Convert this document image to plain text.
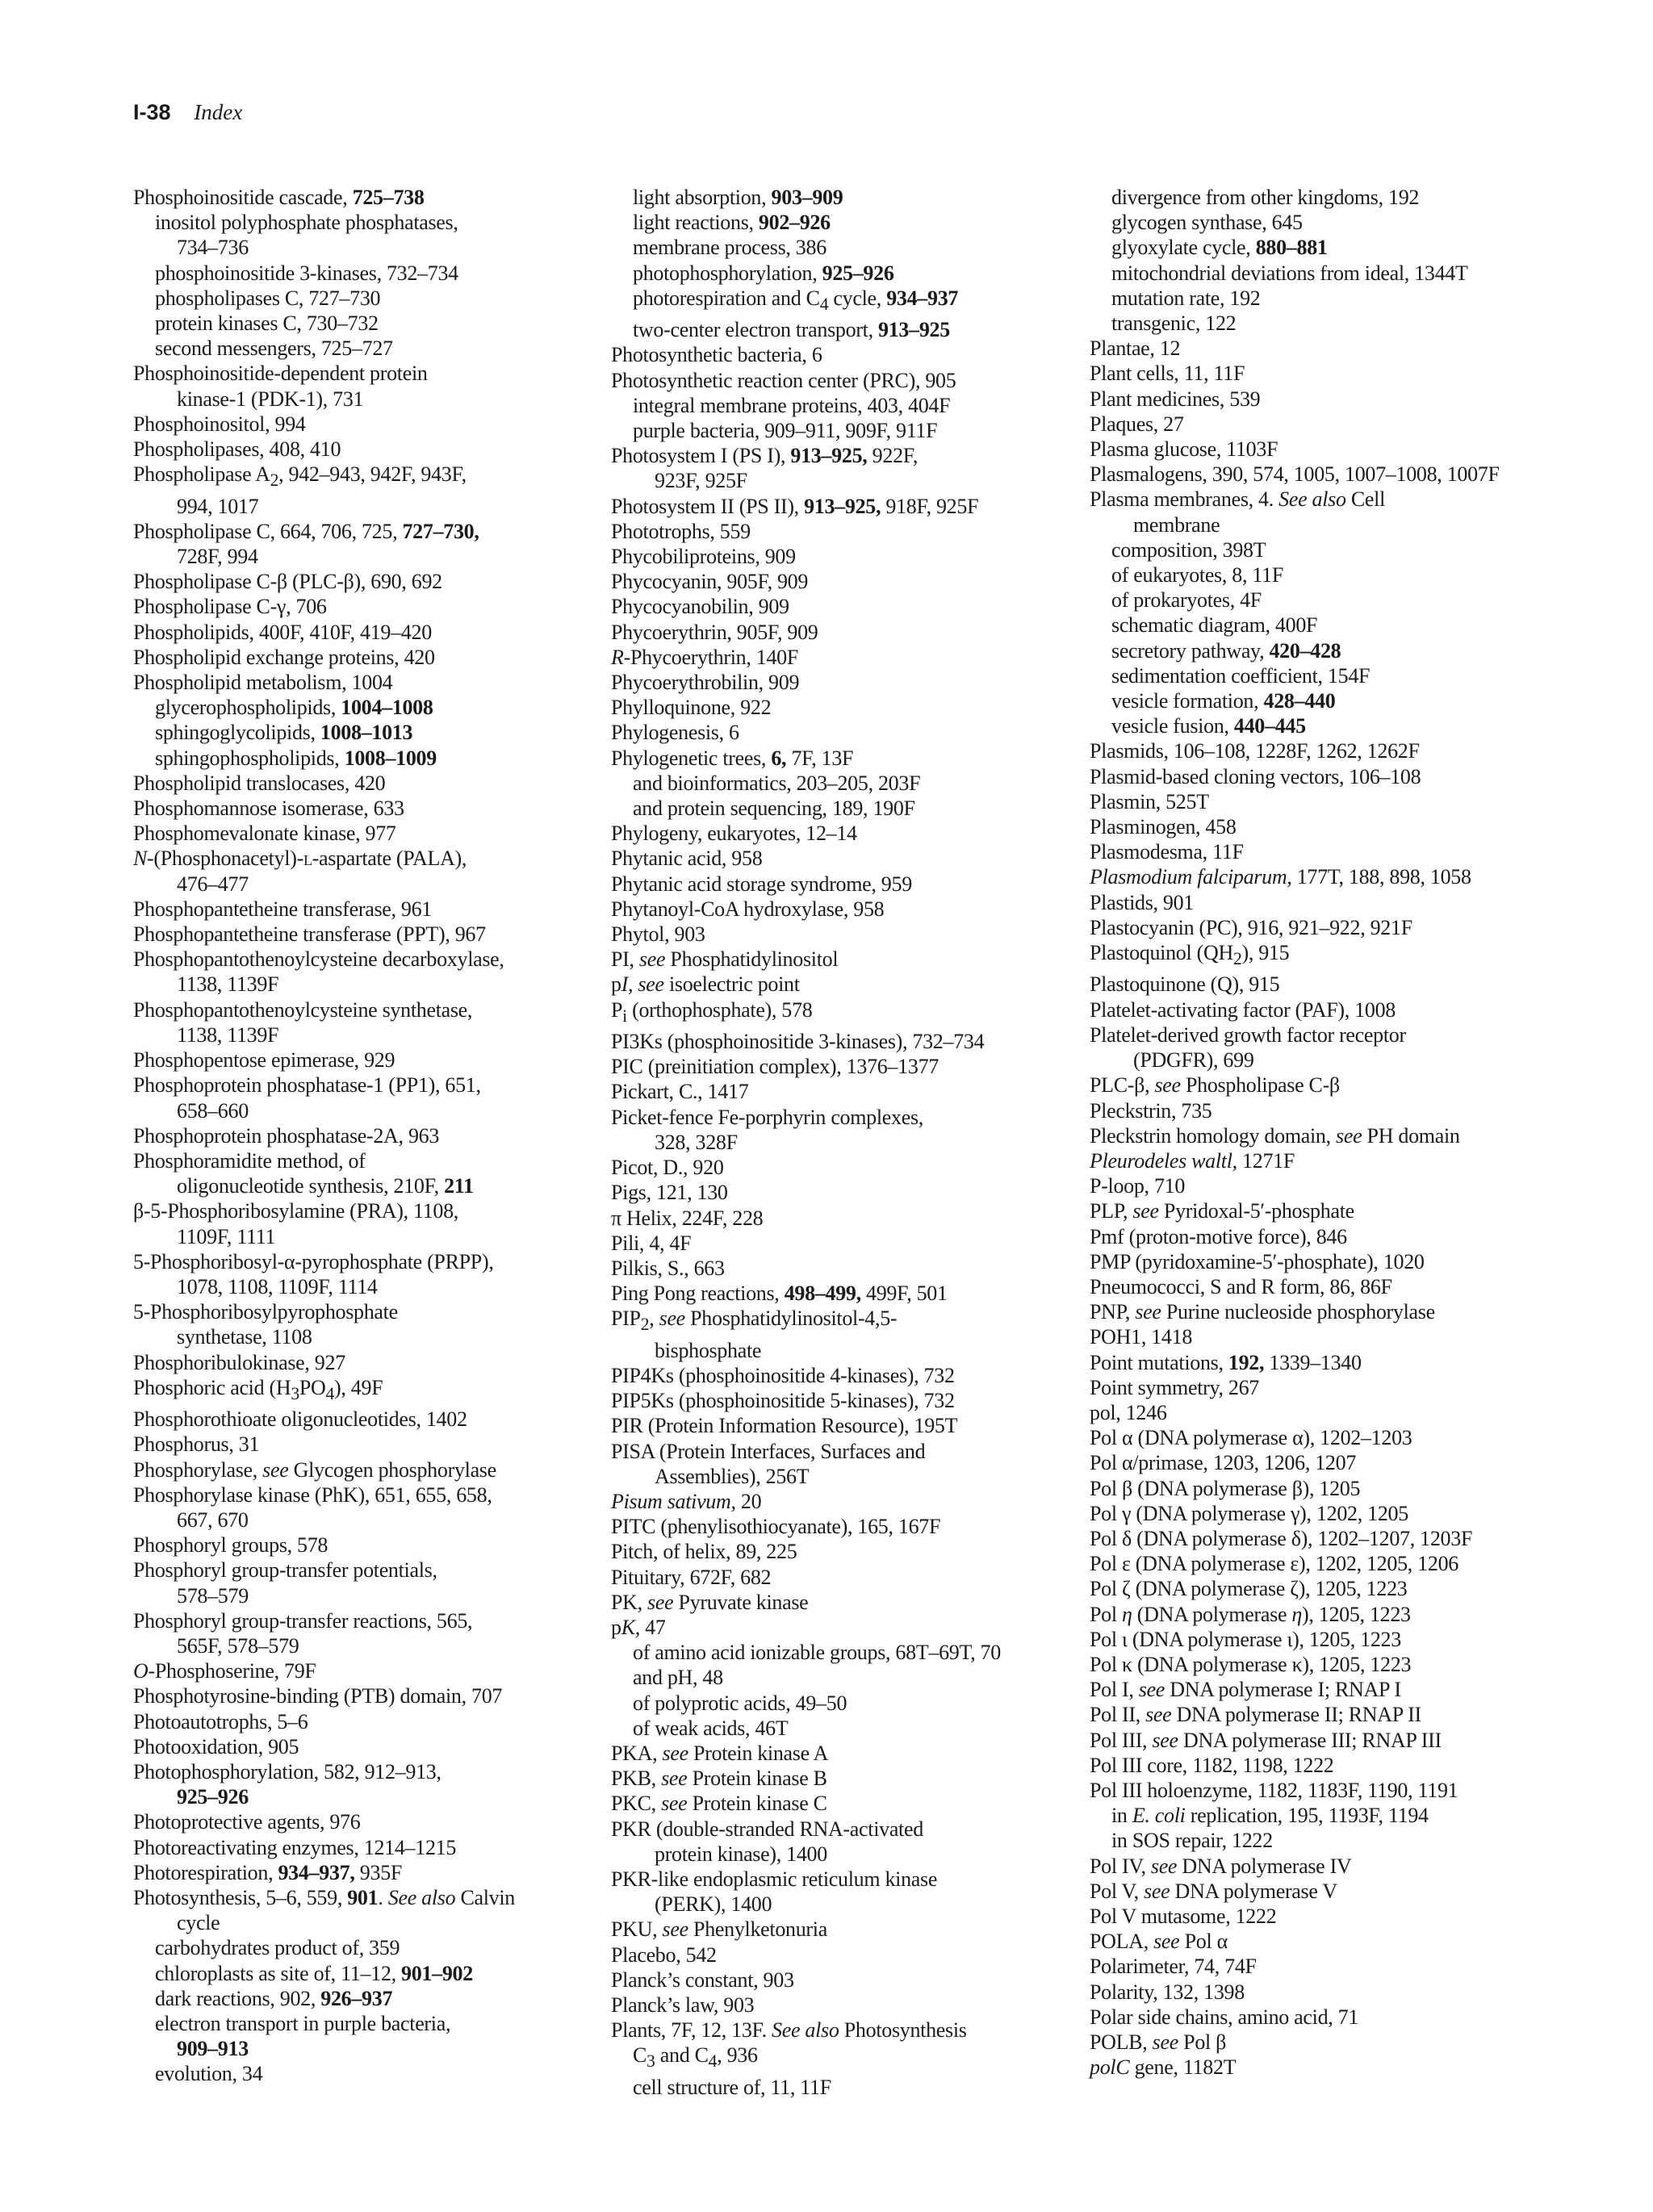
I-38 Index
Phosphoinositide cascade, 725–738
inositol polyphosphate phosphatases,
734–736
phosphoinositide 3-kinases, 732–734
phospholipases C, 727–730
protein kinases C, 730–732
second messengers, 725–727
Phosphoinositide-dependent protein
kinase-1 (PDK-1), 731
Phosphoinositol, 994
Phospholipases, 408, 410
Phospholipase $A_2$, 942–943, 942F, 943F,
994, 1017
Phospholipase C, 664, 706, 725, 727–730,
728F, 994
Phospholipase C-β (PLC-β), 690, 692
Phospholipase C-γ, 706
Phospholipids, 400F, 410F, 419–420
Phospholipid exchange proteins, 420
Phospholipid metabolism, 1004
glycerophospholipids, 1004–1008
sphingoglycolipids, 1008–1013
sphingophospholipids, 1008–1009
Phospholipid translocases, 420
Phosphomannose isomerase, 633
Phosphomevalonate kinase, 977
N-(Phosphonacetyl)-l-aspartate (PALA),
476–477
Phosphopantetheine transferase, 961
Phosphopantetheine transferase (PPT), 967
Phosphopantothenoylcysteine decarboxylase,
1138, 1139F
Phosphopantothenoylcysteine synthetase,
1138, 1139F
Phosphopentose epimerase, 929
Phosphoprotein phosphatase-1 (PP1), 651,
658–660
Phosphoprotein phosphatase-2A, 963
Phosphoramidite method, of
oligonucleotide synthesis, 210F, 211
β-5-Phosphoribosylamine (PRA), 1108,
1109F, 1111
5-Phosphoribosyl-α-pyrophosphate (PRPP),
1078, 1108, 1109F, 1114
5-Phosphoribosylpyrophosphate
synthetase, 1108
Phosphoribulokinase, 927
Phosphoric acid $(H_3PO_4)$, 49F
Phosphorothioate oligonucleotides, 1402
Phosphorus, 31
Phosphorylase, see Glycogen phosphorylase
Phosphorylase kinase (PhK), 651, 655, 658,
667, 670
Phosphoryl groups, 578
Phosphoryl group-transfer potentials,
578–579
Phosphoryl group-transfer reactions, 565,
565F, 578–579
O-Phosphoserine, 79F
Phosphotyrosine-binding (PTB) domain, 707
Photoautotrophs, 5–6
Photooxidation, 905
Photophosphorylation, 582, 912–913,
925–926
Photoprotective agents, 976
Photoreactivating enzymes, 1214–1215
Photorespiration, 934–937, 935F
Photosynthesis, 5–6, 559, 901. See also Calvin
cycle
carbohydrates product of, 359
chloroplasts as site of, 11–12, 901–902
dark reactions, 902, 926–937
electron transport in purple bacteria,
909–913
evolution, 34
light absorption, 903–909
light reactions, 902–926
membrane process, 386
photophosphorylation, 925–926
photorespiration and $C_4$ cycle, 934–937
two-center electron transport, 913–925
Photosynthetic bacteria, 6
Photosynthetic reaction center (PRC), 905
integral membrane proteins, 403, 404F
purple bacteria, 909–911, 909F, 911F
Photosystem I (PS I), 913–925, 922F,
923F, 925F
Photosystem II (PS II), 913–925, 918F, 925F
Phototrophs, 559
Phycobiliproteins, 909
Phycocyanin, 905F, 909
Phycocyanobilin, 909
Phycoerythrin, 905F, 909
R-Phycoerythrin, 140F
Phycoerythrobilin, 909
Phylloquinone, 922
Phylogenesis, 6
Phylogenetic trees, 6, 7F, 13F
and bioinformatics, 203–205, 203F
and protein sequencing, 189, 190F
Phylogeny, eukaryotes, 12–14
Phytanic acid, 958
Phytanic acid storage syndrome, 959
Phytanoyl-CoA hydroxylase, 958
Phytol, 903
PI, see Phosphatidylinositol
pI, see isoelectric point
$P_i$ (orthophosphate), 578
PI3Ks (phosphoinositide 3-kinases), 732–734
PIC (preinitiation complex), 1376–1377
Pickart, C., 1417
Picket-fence Fe-porphyrin complexes,
328, 328F
Picot, D., 920
Pigs, 121, 130
π Helix, 224F, 228
Pili, 4, 4F
Pilkis, S., 663
Ping Pong reactions, 498–499, 499F, 501
$PIP_2$, see Phosphatidylinositol-4,5-
bisphosphate
PIP4Ks (phosphoinositide 4-kinases), 732
PIP5Ks (phosphoinositide 5-kinases), 732
PIR (Protein Information Resource), 195T
PISA (Protein Interfaces, Surfaces and
Assemblies), 256T
Pisum sativum, 20
PITC (phenylisothiocyanate), 165, 167F
Pitch, of helix, 89, 225
Pituitary, 672F, 682
PK, see Pyruvate kinase
pK, 47
of amino acid ionizable groups, 68T–69T, 70
and pH, 48
of polyprotic acids, 49–50
of weak acids, 46T
PKA, see Protein kinase A
PKB, see Protein kinase B
PKC, see Protein kinase C
PKR (double-stranded RNA-activated
protein kinase), 1400
PKR-like endoplasmic reticulum kinase
(PERK), 1400
PKU, see Phenylketonuria
Placebo, 542
Planck’s constant, 903
Planck’s law, 903
Plants, 7F, 12, 13F. See also Photosynthesis
$C_3$ and $C_4$, 936
cell structure of, 11, 11F
divergence from other kingdoms, 192
glycogen synthase, 645
glyoxylate cycle, 880–881
mitochondrial deviations from ideal, 1344T
mutation rate, 192
transgenic, 122
Plantae, 12
Plant cells, 11, 11F
Plant medicines, 539
Plaques, 27
Plasma glucose, 1103F
Plasmalogens, 390, 574, 1005, 1007–1008, 1007F
Plasma membranes, 4. See also Cell
membrane
composition, 398T
of eukaryotes, 8, 11F
of prokaryotes, 4F
schematic diagram, 400F
secretory pathway, 420–428
sedimentation coefficient, 154F
vesicle formation, 428–440
vesicle fusion, 440–445
Plasmids, 106–108, 1228F, 1262, 1262F
Plasmid-based cloning vectors, 106–108
Plasmin, 525T
Plasminogen, 458
Plasmodesma, 11F
Plasmodium falciparum, 177T, 188, 898, 1058
Plastids, 901
Plastocyanin (PC), 916, 921–922, 921F
Plastoquinol $(QH_2)$, 915
Plastoquinone (Q), 915
Platelet-activating factor (PAF), 1008
Platelet-derived growth factor receptor
(PDGFR), 699
PLC-β, see Phospholipase C-β
Pleckstrin, 735
Pleckstrin homology domain, see PH domain
Pleurodeles waltl, 1271F
P-loop, 710
PLP, see Pyridoxal-5′-phosphate
Pmf (proton-motive force), 846
PMP (pyridoxamine-5′-phosphate), 1020
Pneumococci, S and R form, 86, 86F
PNP, see Purine nucleoside phosphorylase
POH1, 1418
Point mutations, 192, 1339–1340
Point symmetry, 267
pol, 1246
Pol α (DNA polymerase α), 1202–1203
Pol α/primase, 1203, 1206, 1207
Pol β (DNA polymerase β), 1205
Pol γ (DNA polymerase γ), 1202, 1205
Pol δ (DNA polymerase δ), 1202–1207, 1203F
Pol ε (DNA polymerase ε), 1202, 1205, 1206
Pol ζ (DNA polymerase ζ), 1205, 1223
Pol η (DNA polymerase η), 1205, 1223
Pol ι (DNA polymerase ι), 1205, 1223
Pol κ (DNA polymerase κ), 1205, 1223
Pol I, see DNA polymerase I; RNAP I
Pol II, see DNA polymerase II; RNAP II
Pol III, see DNA polymerase III; RNAP III
Pol III core, 1182, 1198, 1222
Pol III holoenzyme, 1182, 1183F, 1190, 1191
in E. coli replication, 195, 1193F, 1194
in SOS repair, 1222
Pol IV, see DNA polymerase IV
Pol V, see DNA polymerase V
Pol V mutasome, 1222
POLA, see Pol α
Polarimeter, 74, 74F
Polarity, 132, 1398
Polar side chains, amino acid, 71
POLB, see Pol β
polC gene, 1182T
